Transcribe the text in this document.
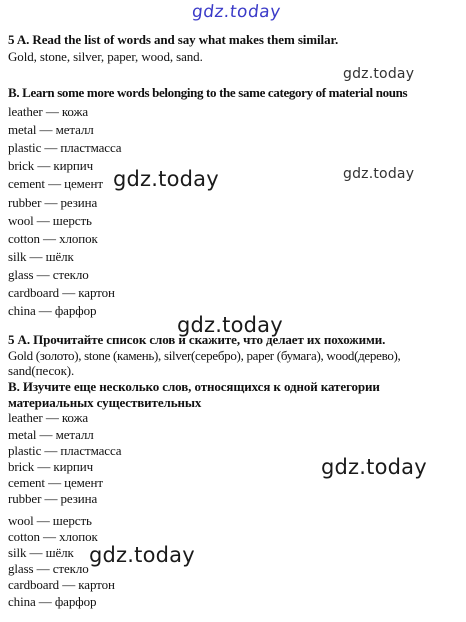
gdz.today
gdz.today
gdz.today
gdz.today
gdz.today
gdz.today
gdz.today
5 A. Read the list of words and say what makes them similar.
Gold, stone, silver, paper, wood, sand.
B. Learn some more words belonging to the same category of material nouns
leather — кожа
metal — металл
plastic — пластмасса
brick — кирпич
cement — цемент
rubber — резина
wool — шерсть
cotton — хлопок
silk — шёлк
glass — стекло
cardboard — картон
china — фарфор
5 А. Прочитайте список слов и скажите, что делает их похожими.
Gold (золото), stone (камень), silver(серебро), paper (бумага), wood(дерево),
sand(песок).
В. Изучите еще несколько слов, относящихся к одной категории
материальных существительных
leather — кожа
metal — металл
plastic — пластмасса
brick — кирпич
cement — цемент
rubber — резина
wool — шерсть
cotton — хлопок
silk — шёлк
glass — стекло
cardboard — картон
china — фарфор
